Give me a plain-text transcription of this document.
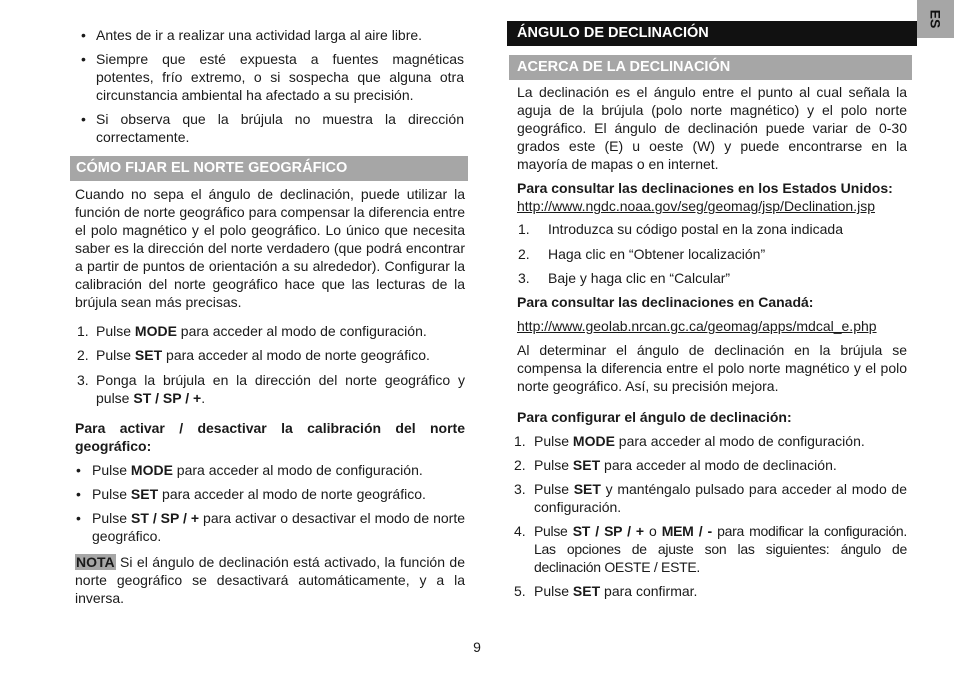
ES
• Antes de ir a realizar una actividad larga al aire libre.
• Siempre que esté expuesta a fuentes magnéticas potentes, frío extremo, o si sospecha que alguna otra circunstancia ambiental ha afectado a su precisión.
• Si observa que la brújula no muestra la dirección correctamente.
CÓMO FIJAR EL NORTE GEOGRÁFICO

Cuando no sepa el ángulo de declinación, puede utilizar la función de norte geográfico para compensar la diferencia entre el polo magnético y el polo geográfico. Lo único que necesita saber es la dirección del norte verdadero (que podrá encontrar a partir de puntos de orientación a su alrededor). Configurar la calibración del norte geográfico hace que las lecturas de la brújula sean más precisas.

1. Pulse MODE para acceder al modo de configuración.
2. Pulse SET para acceder al modo de norte geográfico.
3. Ponga la brújula en la dirección del norte geográfico y pulse ST / SP / +.

Para activar / desactivar la calibración del norte geográfico:

• Pulse MODE para acceder al modo de configuración.
• Pulse SET para acceder al modo de norte geográfico.
• Pulse ST / SP / + para activar o desactivar el modo de norte geográfico.

NOTA Si el ángulo de declinación está activado, la función de norte geográfico se desactivará automáticamente, y a la inversa.

ÁNGULO DE DECLINACIÓN
ACERCA DE LA DECLINACIÓN

La declinación es el ángulo entre el punto al cual señala la aguja de la brújula (polo norte magnético) y el polo norte geográfico. El ángulo de declinación puede variar de 0-30 grados este (E) u oeste (W) y puede encontrarse en la mayoría de mapas o en internet.

Para consultar las declinaciones en los Estados Unidos:

http://www.ngdc.noaa.gov/seg/geomag/jsp/Declination.jsp

1. Introduzca su código postal en la zona indicada
2. Haga clic en “Obtener localización”
3. Baje y haga clic en “Calcular”

Para consultar las declinaciones en Canadá:

http://www.geolab.nrcan.gc.ca/geomag/apps/mdcal_e.php

Al determinar el ángulo de declinación en la brújula se compensa la diferencia entre el polo norte magnético y el polo norte geográfico. Así, su precisión mejora.

Para configurar el ángulo de declinación:

1. Pulse MODE para acceder al modo de configuración.
2. Pulse SET para acceder al modo de declinación.
3. Pulse SET y manténgalo pulsado para acceder al modo de configuración.
4. Pulse ST / SP / + o MEM / - para modificar la configuración. Las opciones de ajuste son las siguientes: ángulo de declinación OESTE / ESTE.
5. Pulse SET para confirmar.
9
